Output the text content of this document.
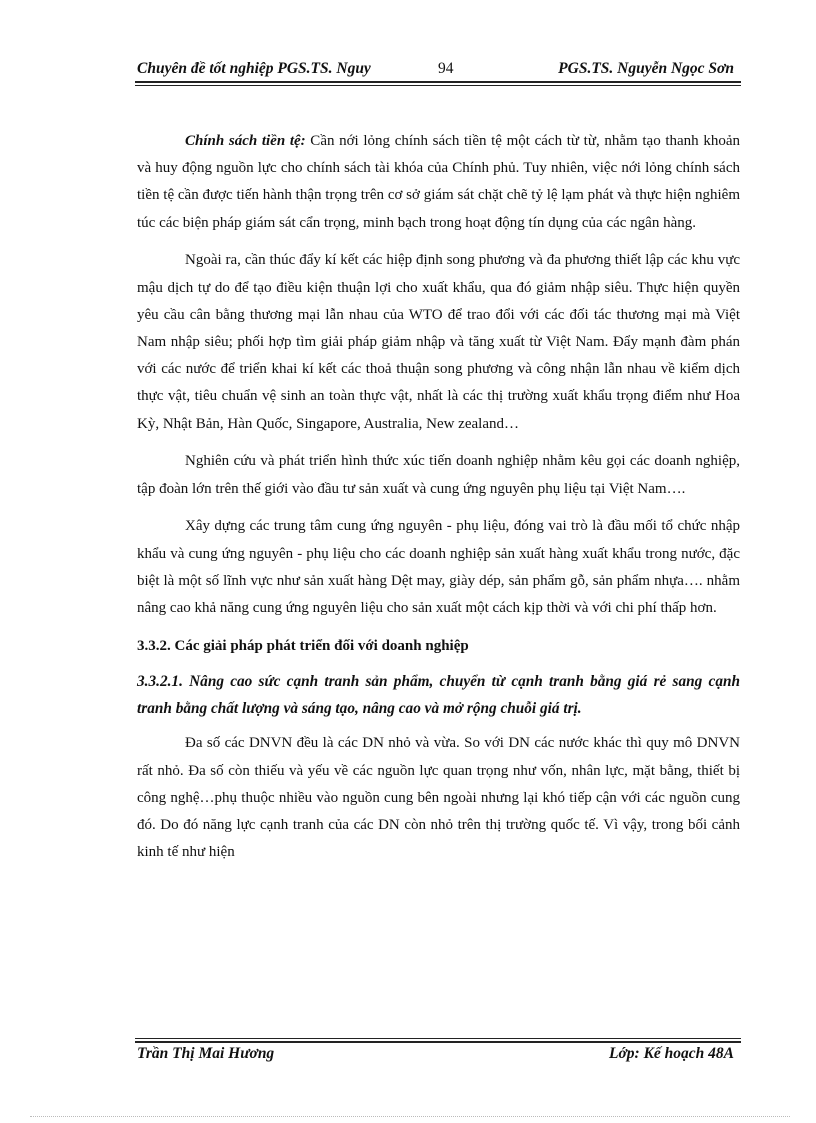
Chuyên đề tốt nghiệp PGS.TS. Nguy	94	PGS.TS. Nguyễn Ngọc Sơn

Chính sách tiền tệ: Cần nới lỏng chính sách tiền tệ một cách từ từ, nhằm tạo thanh khoản và huy động nguồn lực cho chính sách tài khóa của Chính phủ. Tuy nhiên, việc nới lỏng chính sách tiền tệ cần được tiến hành thận trọng trên cơ sở giám sát chặt chẽ tỷ lệ lạm phát và thực hiện nghiêm túc các biện pháp giám sát cẩn trọng, minh bạch trong hoạt động tín dụng của các ngân hàng.

Ngoài ra, cần thúc đẩy kí kết các hiệp định song phương và đa phương thiết lập các khu vực mậu dịch tự do để tạo điều kiện thuận lợi cho xuất khẩu, qua đó giảm nhập siêu. Thực hiện quyền yêu cầu cân bằng thương mại lẫn nhau của WTO để trao đổi với các đối tác thương mại mà Việt Nam nhập siêu; phối hợp tìm giải pháp giảm nhập và tăng xuất từ Việt Nam. Đẩy mạnh đàm phán với các nước để triển khai kí kết các thoả thuận song phương và công nhận lẫn nhau về kiểm dịch thực vật, tiêu chuẩn vệ sinh an toàn thực vật, nhất là các thị trường xuất khẩu trọng điểm như Hoa Kỳ, Nhật Bản, Hàn Quốc, Singapore, Australia, New zealand…

Nghiên cứu và phát triển hình thức xúc tiến doanh nghiệp nhằm kêu gọi các doanh nghiệp, tập đoàn lớn trên thế giới vào đầu tư sản xuất và cung ứng nguyên phụ liệu tại Việt Nam….

Xây dựng các trung tâm cung ứng nguyên - phụ liệu, đóng vai trò là đầu mối tổ chức nhập khẩu và cung ứng nguyên - phụ liệu cho các doanh nghiệp sản xuất hàng xuất khẩu trong nước, đặc biệt là một số lĩnh vực như sản xuất hàng Dệt may, giày dép, sản phẩm gỗ, sản phẩm nhựa…. nhằm nâng cao khả năng cung ứng nguyên liệu cho sản xuất một cách kịp thời và với chi phí thấp hơn.

3.3.2. Các giải pháp phát triển đối với doanh nghiệp

3.3.2.1. Nâng cao sức cạnh tranh sản phẩm, chuyển từ cạnh tranh bằng giá rẻ sang cạnh tranh bằng chất lượng và sáng tạo, nâng cao và mở rộng chuỗi giá trị.

Đa số các DNVN đều là các DN nhỏ và vừa. So với DN các nước khác thì quy mô DNVN rất nhỏ. Đa số còn thiếu và yếu về các nguồn lực quan trọng như vốn, nhân lực, mặt bằng, thiết bị công nghệ…phụ thuộc nhiều vào nguồn cung bên ngoài nhưng lại khó tiếp cận với các nguồn cung đó. Do đó năng lực cạnh tranh của các DN còn nhỏ trên thị trường quốc tế. Vì vậy, trong bối cảnh kinh tế như hiện

Trần Thị Mai Hương	Lớp: Kế hoạch 48A
